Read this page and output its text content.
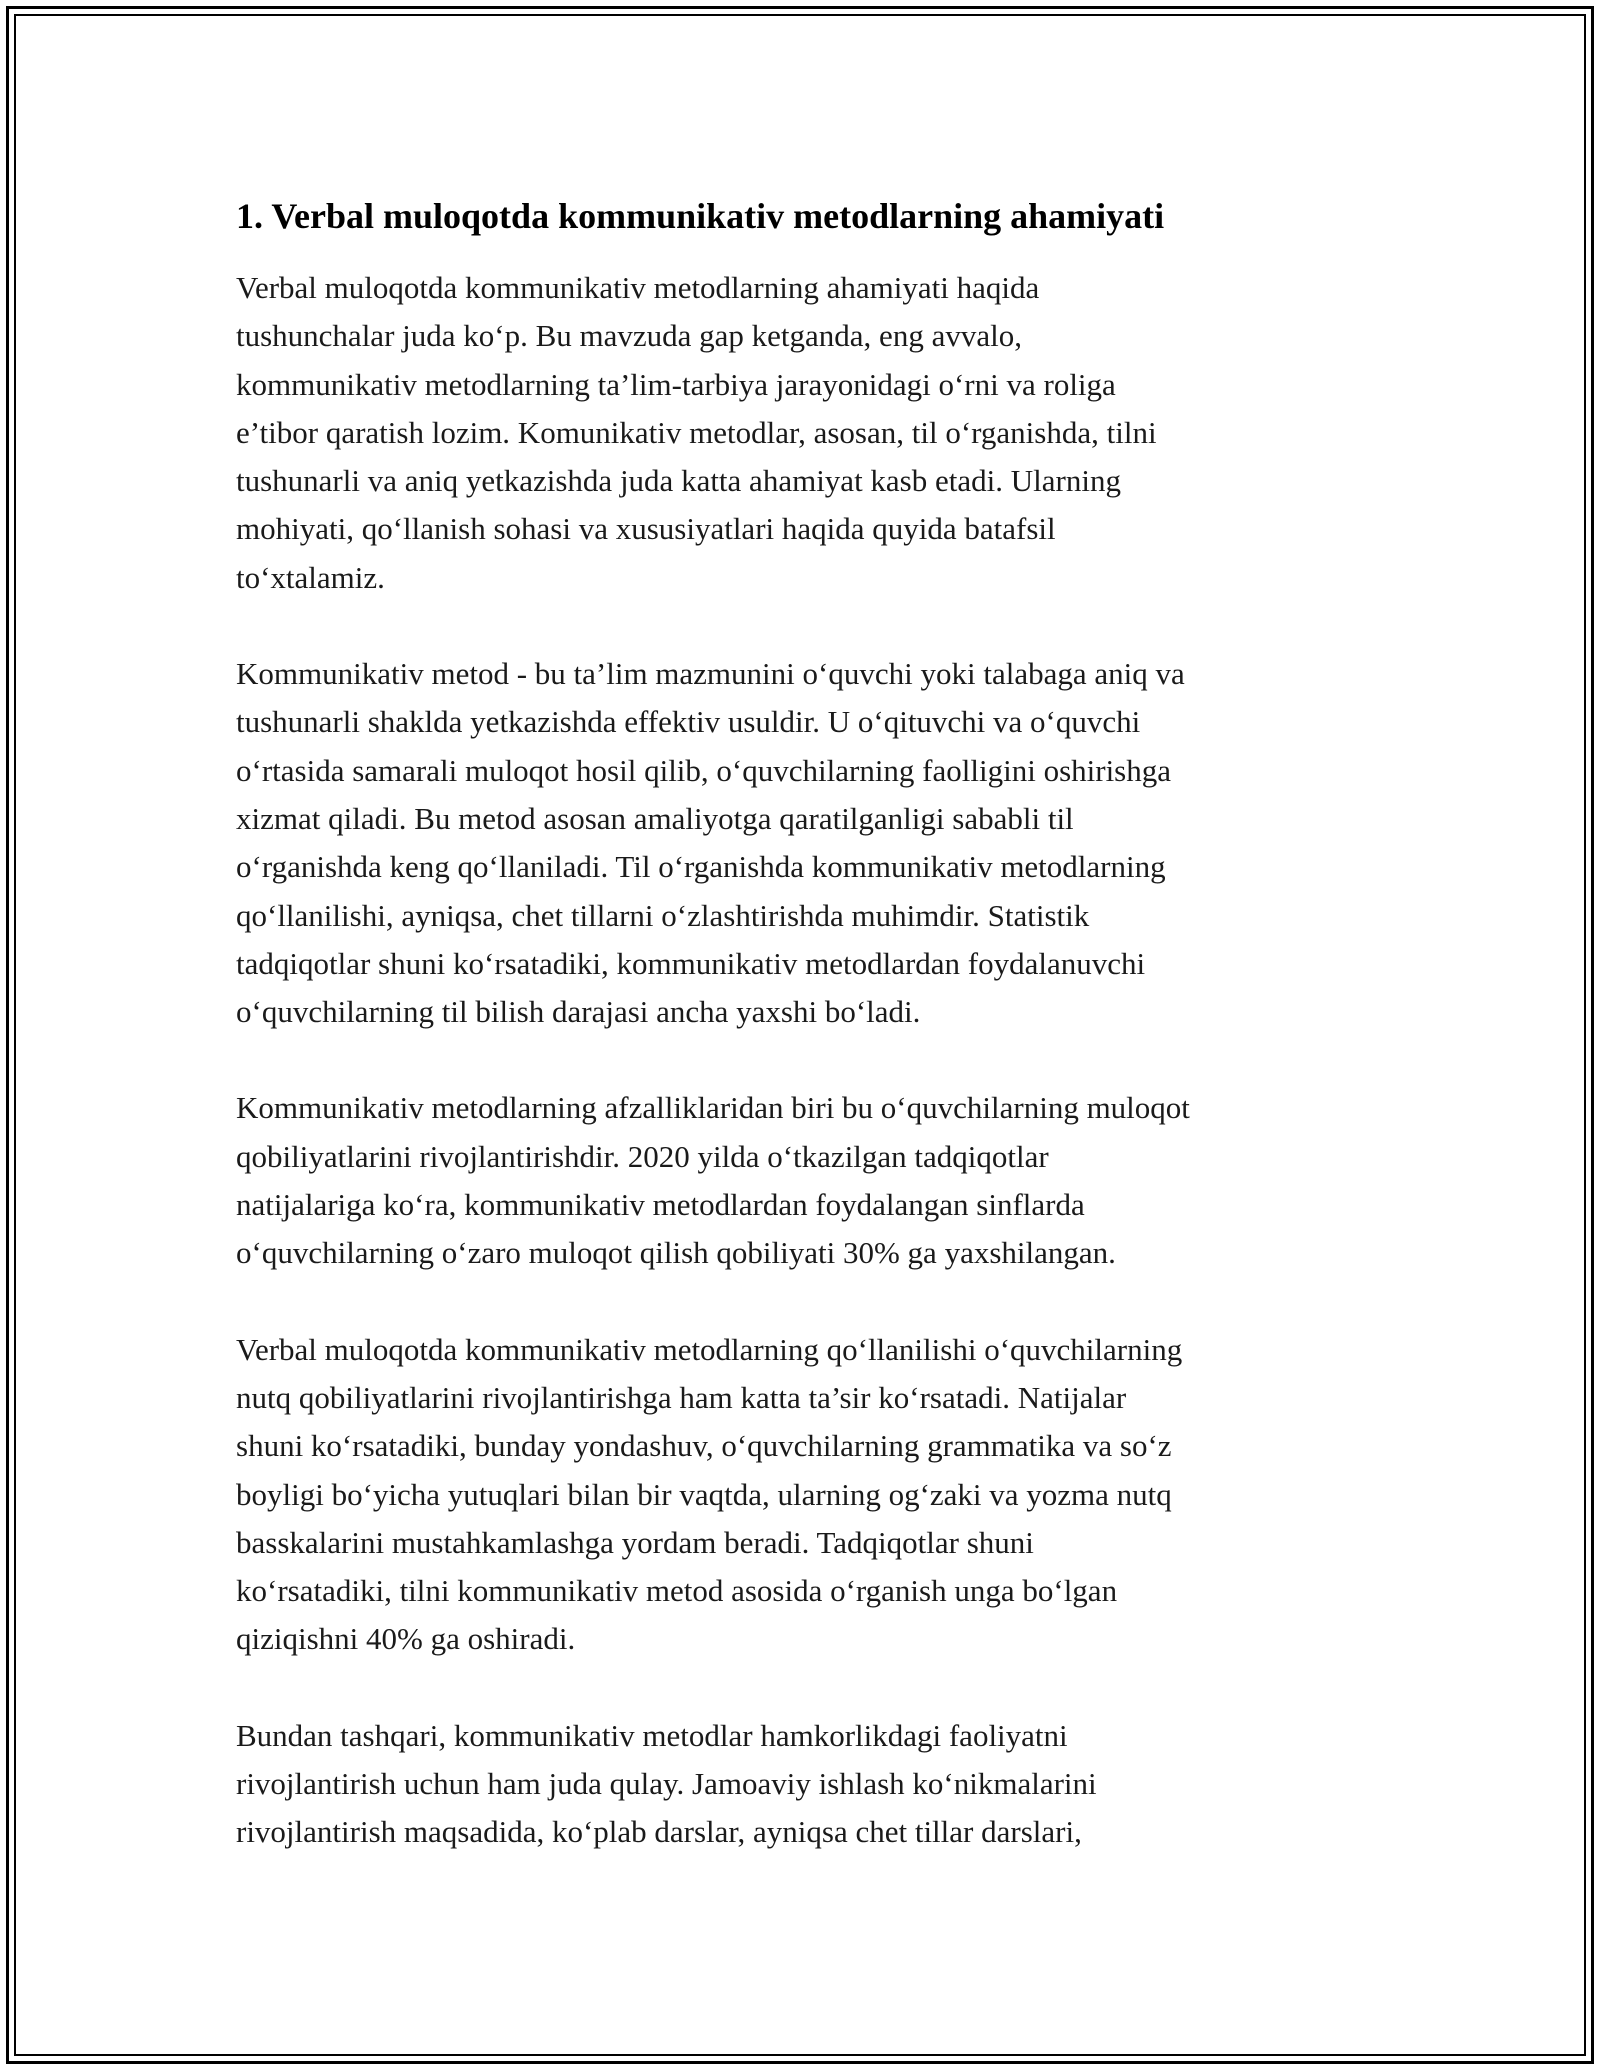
1. Verbal muloqotda kommunikativ metodlarning ahamiyati

Verbal muloqotda kommunikativ metodlarning ahamiyati haqida
tushunchalar juda ko‘p. Bu mavzuda gap ketganda, eng avvalo,
kommunikativ metodlarning ta’lim-tarbiya jarayonidagi o‘rni va roliga
e’tibor qaratish lozim. Komunikativ metodlar, asosan, til o‘rganishda, tilni
tushunarli va aniq yetkazishda juda katta ahamiyat kasb etadi. Ularning
mohiyati, qo‘llanish sohasi va xususiyatlari haqida quyida batafsil
to‘xtalamiz.

Kommunikativ metod - bu ta’lim mazmunini o‘quvchi yoki talabaga aniq va
tushunarli shaklda yetkazishda effektiv usuldir. U o‘qituvchi va o‘quvchi
o‘rtasida samarali muloqot hosil qilib, o‘quvchilarning faolligini oshirishga
xizmat qiladi. Bu metod asosan amaliyotga qaratilganligi sababli til
o‘rganishda keng qo‘llaniladi. Til o‘rganishda kommunikativ metodlarning
qo‘llanilishi, ayniqsa, chet tillarni o‘zlashtirishda muhimdir. Statistik
tadqiqotlar shuni ko‘rsatadiki, kommunikativ metodlardan foydalanuvchi
o‘quvchilarning til bilish darajasi ancha yaxshi bo‘ladi.

Kommunikativ metodlarning afzalliklaridan biri bu o‘quvchilarning muloqot
qobiliyatlarini rivojlantirishdir. 2020 yilda o‘tkazilgan tadqiqotlar
natijalariga ko‘ra, kommunikativ metodlardan foydalangan sinflarda
o‘quvchilarning o‘zaro muloqot qilish qobiliyati 30% ga yaxshilangan.

Verbal muloqotda kommunikativ metodlarning qo‘llanilishi o‘quvchilarning
nutq qobiliyatlarini rivojlantirishga ham katta ta’sir ko‘rsatadi. Natijalar
shuni ko‘rsatadiki, bunday yondashuv, o‘quvchilarning grammatika va so‘z
boyligi bo‘yicha yutuqlari bilan bir vaqtda, ularning og‘zaki va yozma nutq
basskalarini mustahkamlashga yordam beradi. Tadqiqotlar shuni
ko‘rsatadiki, tilni kommunikativ metod asosida o‘rganish unga bo‘lgan
qiziqishni 40% ga oshiradi.

Bundan tashqari, kommunikativ metodlar hamkorlikdagi faoliyatni
rivojlantirish uchun ham juda qulay. Jamoaviy ishlash ko‘nikmalarini
rivojlantirish maqsadida, ko‘plab darslar, ayniqsa chet tillar darslari,
